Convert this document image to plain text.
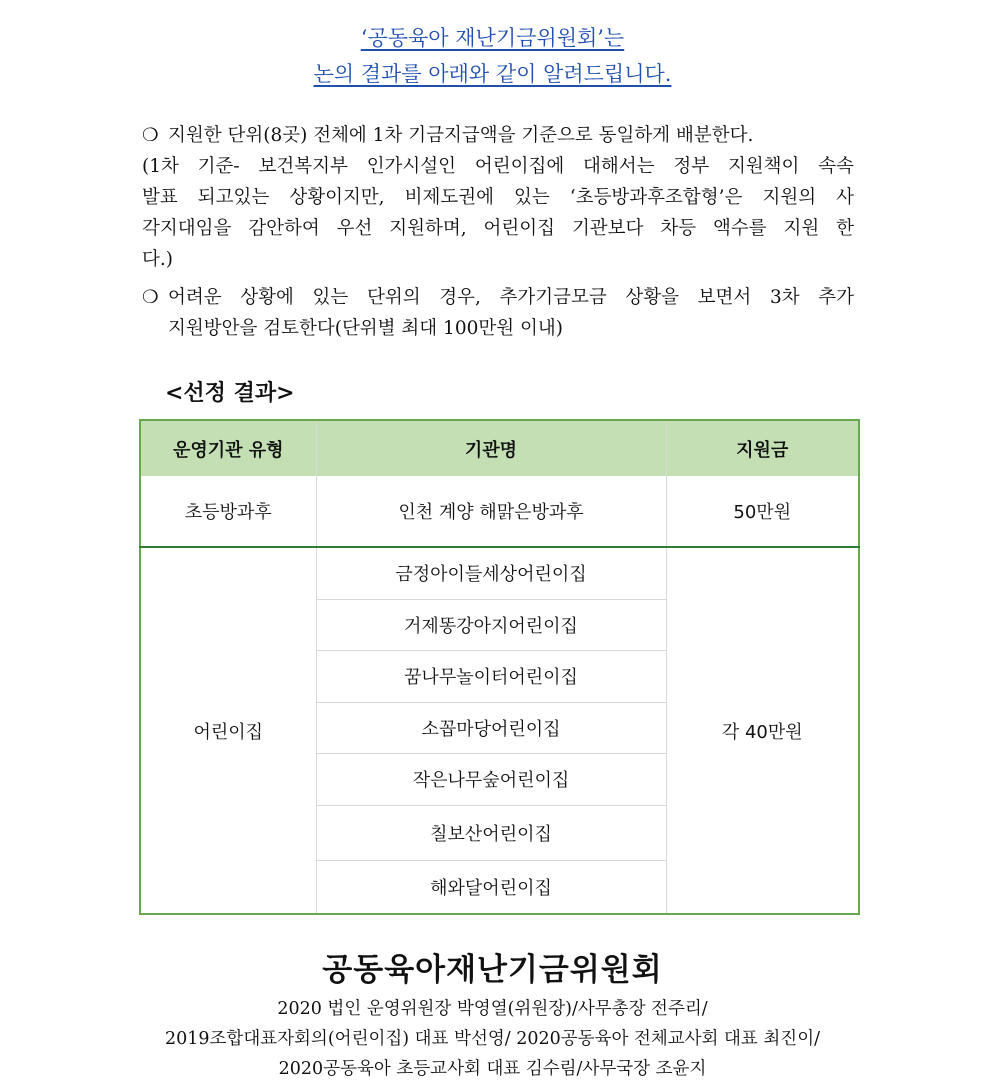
‘공동육아 재난기금위원회’는
논의 결과를 아래와 같이 알려드립니다.
❍ 지원한 단위(8곳) 전체에 1차 기금지급액을 기준으로 동일하게 배분한다.
(1차 기준- 보건복지부 인가시설인 어린이집에 대해서는 정부 지원책이 속속
발표 되고있는 상황이지만, 비제도권에 있는 ‘초등방과후조합형’은 지원의 사
각지대임을 감안하여 우선 지원하며, 어린이집 기관보다 차등 액수를 지원 한
다.)
❍ 어려운 상황에 있는 단위의 경우, 추가기금모금 상황을 보면서 3차 추가
지원방안을 검토한다(단위별 최대 100만원 이내)
<선정 결과>
운영기관 유형	기관명	지원금
초등방과후	인천 계양 해맑은방과후	50만원
어린이집	금정아이들세상어린이집	각 40만원
	거제똥강아지어린이집	
	꿈나무놀이터어린이집	
	소꼽마당어린이집	
	작은나무숲어린이집	
	칠보산어린이집	
	해와달어린이집	
공동육아재난기금위원회
2020 법인 운영위원장 박영열(위원장)/사무총장 전주리/
2019조합대표자회의(어린이집) 대표 박선영/ 2020공동육아 전체교사회 대표 최진이/
2020공동육아 초등교사회 대표 김수림/사무국장 조윤지
